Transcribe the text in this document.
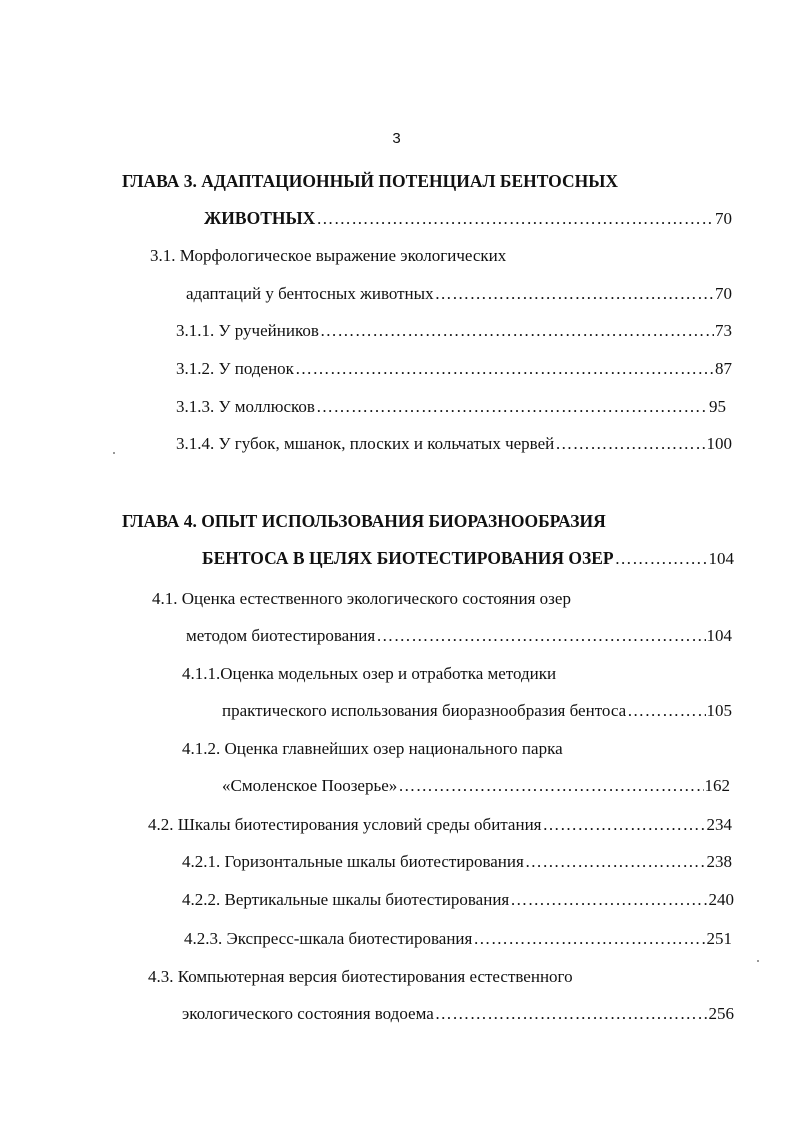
3
ГЛАВА 3. АДАПТАЦИОННЫЙ ПОТЕНЦИАЛ БЕНТОСНЫХ
ЖИВОТНЫХ ……………………………………………………………………………………………………………………………………………………………………………………………………………………	70
3.1. Морфологическое выражение экологических
адаптаций у бентосных животных ……………………………………………………………………………………………………………………………………………………………………………………………………………………	70
3.1.1. У ручейников ……………………………………………………………………………………………………………………………………………………………………………………………………………………	73
3.1.2. У поденок ……………………………………………………………………………………………………………………………………………………………………………………………………………………	87
3.1.3. У моллюсков ……………………………………………………………………………………………………………………………………………………………………………………………………………………	95
3.1.4. У губок, мшанок, плоских и кольчатых червей ……………………………………………………………………………………………………………………………………………………………………………………………………………………	100
ГЛАВА 4. ОПЫТ ИСПОЛЬЗОВАНИЯ БИОРАЗНООБРАЗИЯ
БЕНТОСА В ЦЕЛЯХ БИОТЕСТИРОВАНИЯ ОЗЕР ……………………………………………………………………………………………………………………………………………………………………………………………………………………	104
4.1. Оценка естественного экологического состояния озер
методом биотестирования ……………………………………………………………………………………………………………………………………………………………………………………………………………………	104
4.1.1.Оценка модельных озер и отработка методики
практического использования биоразнообразия бентоса ……………………………………………………………………………………………………………………………………………………………………………………………………………………	105
4.1.2. Оценка главнейших озер национального парка
«Смоленское Поозерье» ……………………………………………………………………………………………………………………………………………………………………………………………………………………	162
4.2. Шкалы биотестирования условий среды обитания ……………………………………………………………………………………………………………………………………………………………………………………………………………………	234
4.2.1. Горизонтальные шкалы биотестирования ……………………………………………………………………………………………………………………………………………………………………………………………………………………	238
4.2.2. Вертикальные шкалы биотестирования ……………………………………………………………………………………………………………………………………………………………………………………………………………………	240
4.2.3. Экспресс-шкала биотестирования ……………………………………………………………………………………………………………………………………………………………………………………………………………………	251
4.3. Компьютерная версия биотестирования естественного
экологического состояния водоема ……………………………………………………………………………………………………………………………………………………………………………………………………………………	256
